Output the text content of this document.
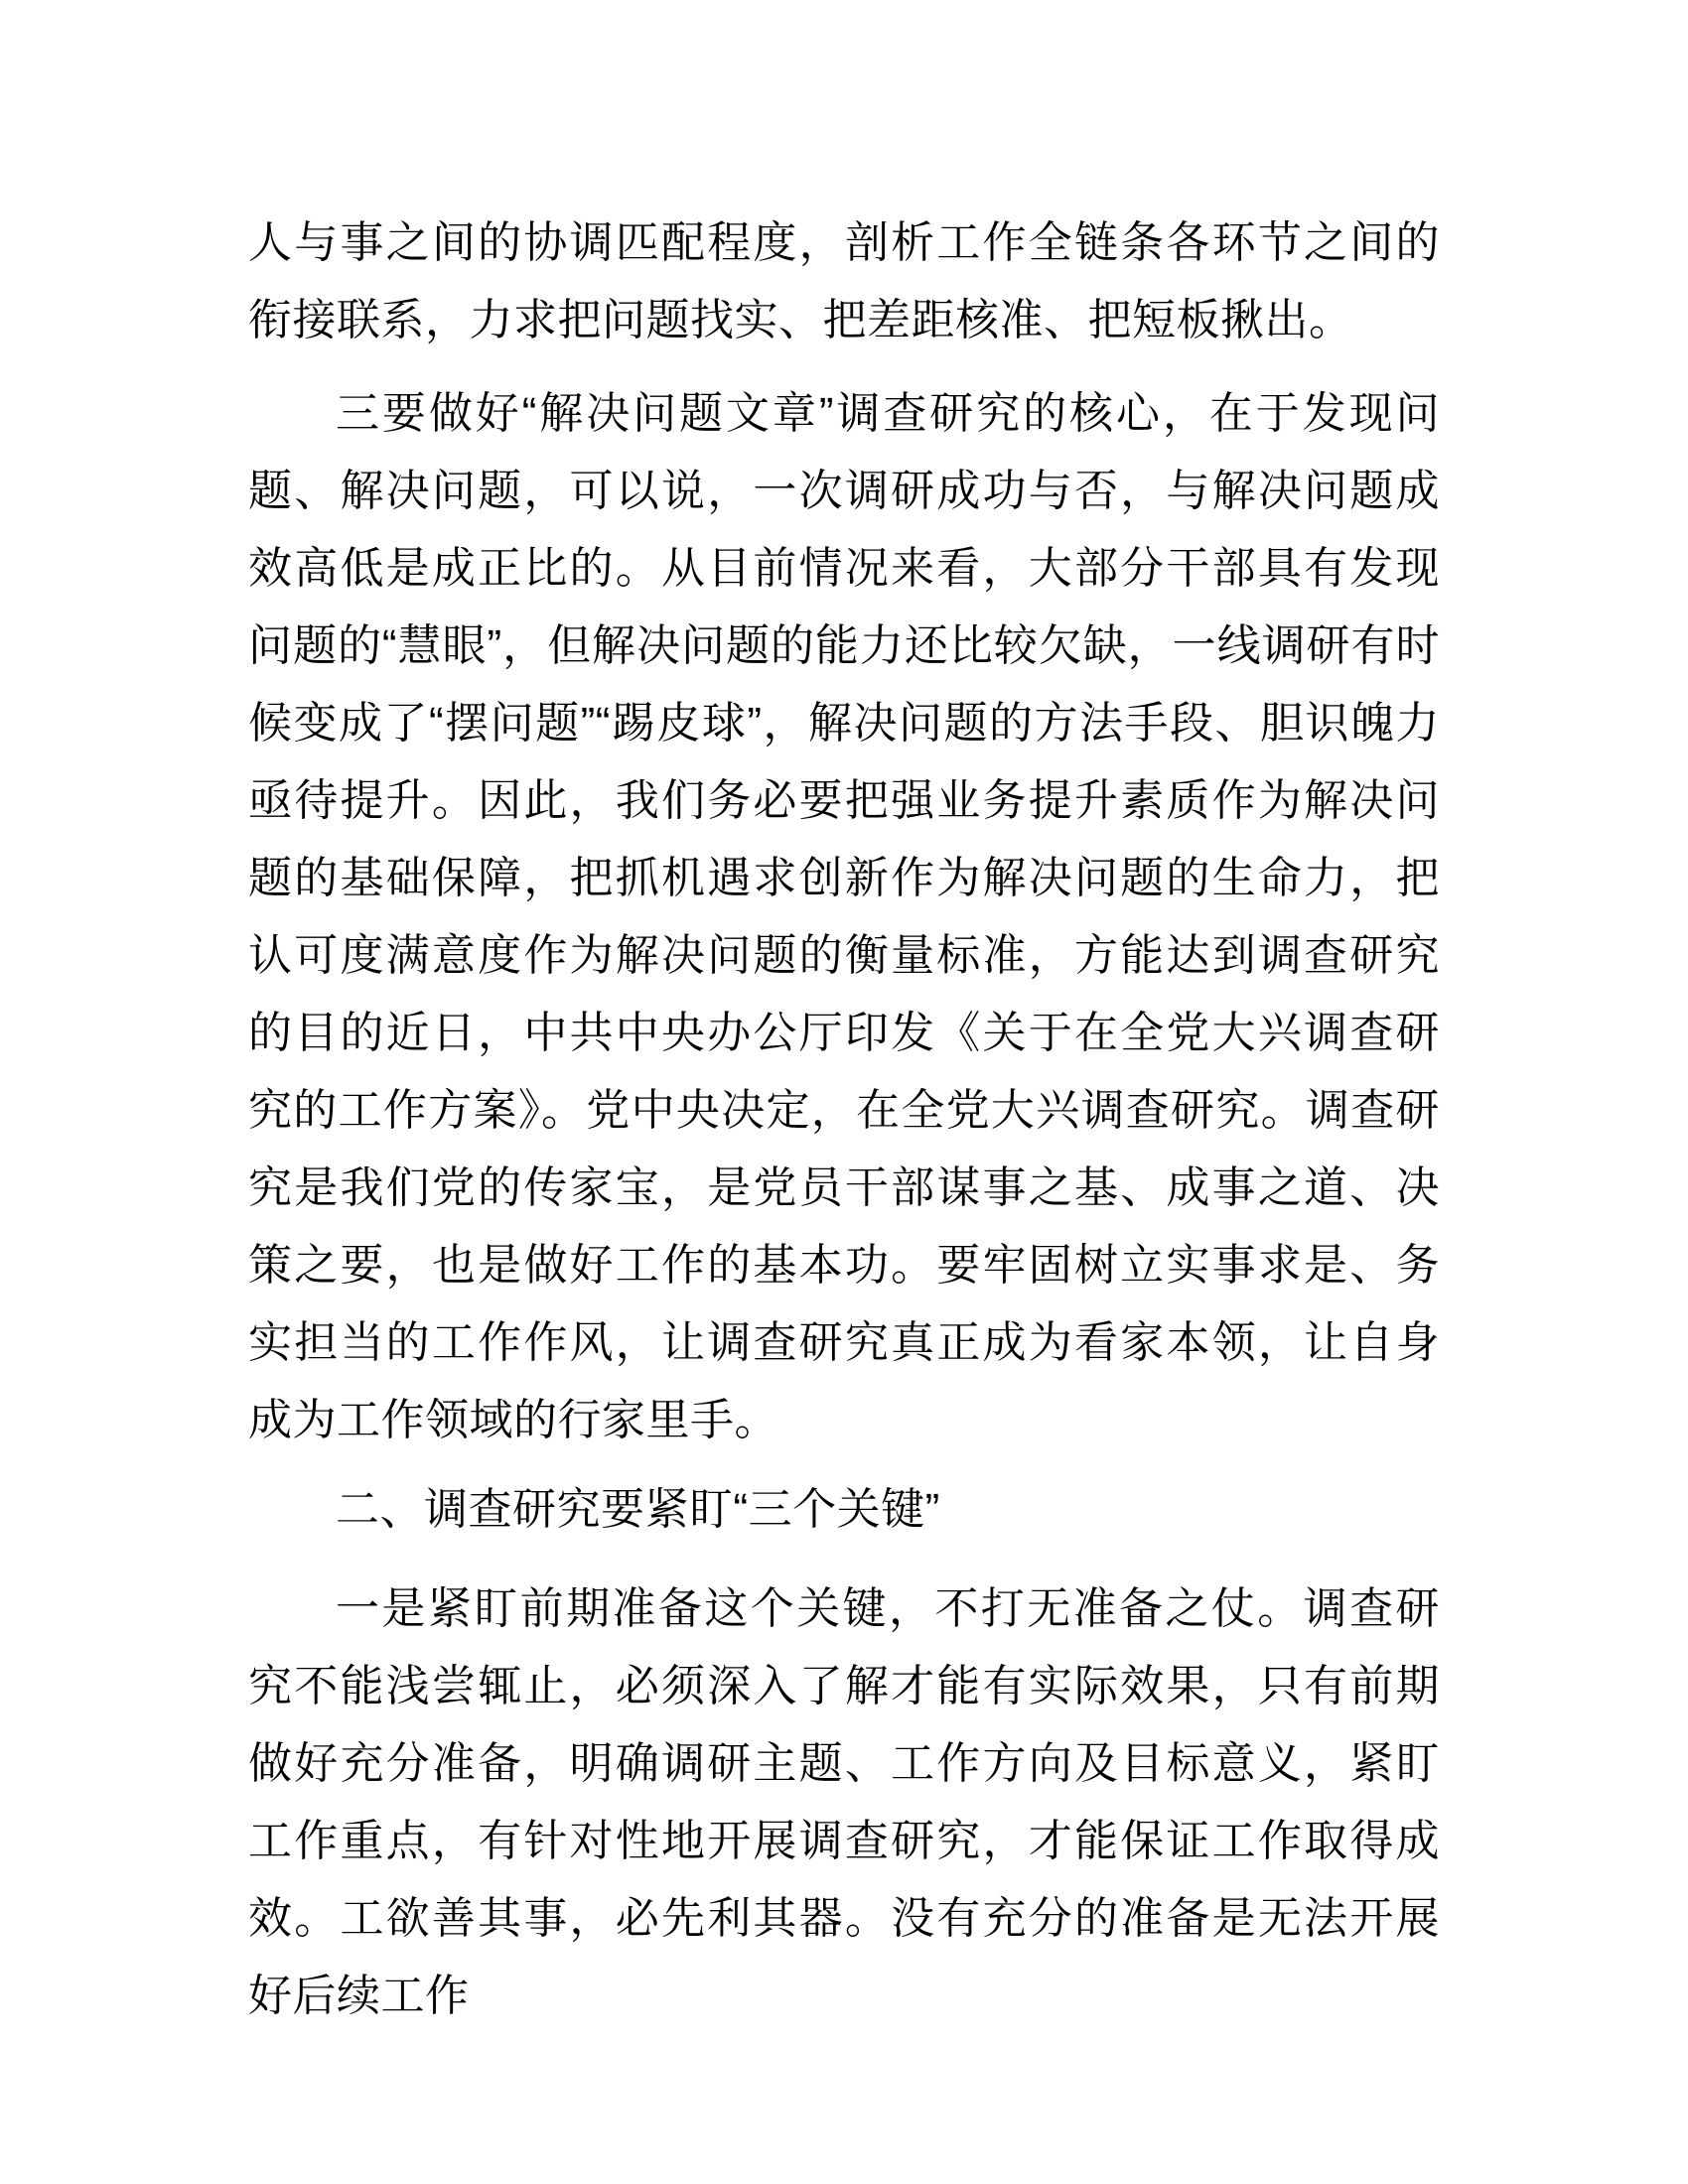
人与事之间的协调匹配程度，剖析工作全链条各环节之间的衔接联系，力求把问题找实、把差距核准、把短板揪出。

三要做好“解决问题文章”调查研究的核心，在于发现问题、解决问题，可以说，一次调研成功与否，与解决问题成效高低是成正比的。从目前情况来看，大部分干部具有发现问题的“慧眼”，但解决问题的能力还比较欠缺，一线调研有时候变成了“摆问题”“踢皮球”，解决问题的方法手段、胆识魄力亟待提升。因此，我们务必要把强业务提升素质作为解决问题的基础保障，把抓机遇求创新作为解决问题的生命力，把认可度满意度作为解决问题的衡量标准，方能达到调查研究的目的近日，中共中央办公厅印发《关于在全党大兴调查研究的工作方案》。党中央决定，在全党大兴调查研究。调查研究是我们党的传家宝，是党员干部谋事之基、成事之道、决策之要，也是做好工作的基本功。要牢固树立实事求是、务实担当的工作作风，让调查研究真正成为看家本领，让自身成为工作领域的行家里手。

二、调查研究要紧盯“三个关键”

一是紧盯前期准备这个关键，不打无准备之仗。调查研究不能浅尝辄止，必须深入了解才能有实际效果，只有前期做好充分准备，明确调研主题、工作方向及目标意义，紧盯工作重点，有针对性地开展调查研究，才能保证工作取得成效。工欲善其事，必先利其器。没有充分的准备是无法开展好后续工作
